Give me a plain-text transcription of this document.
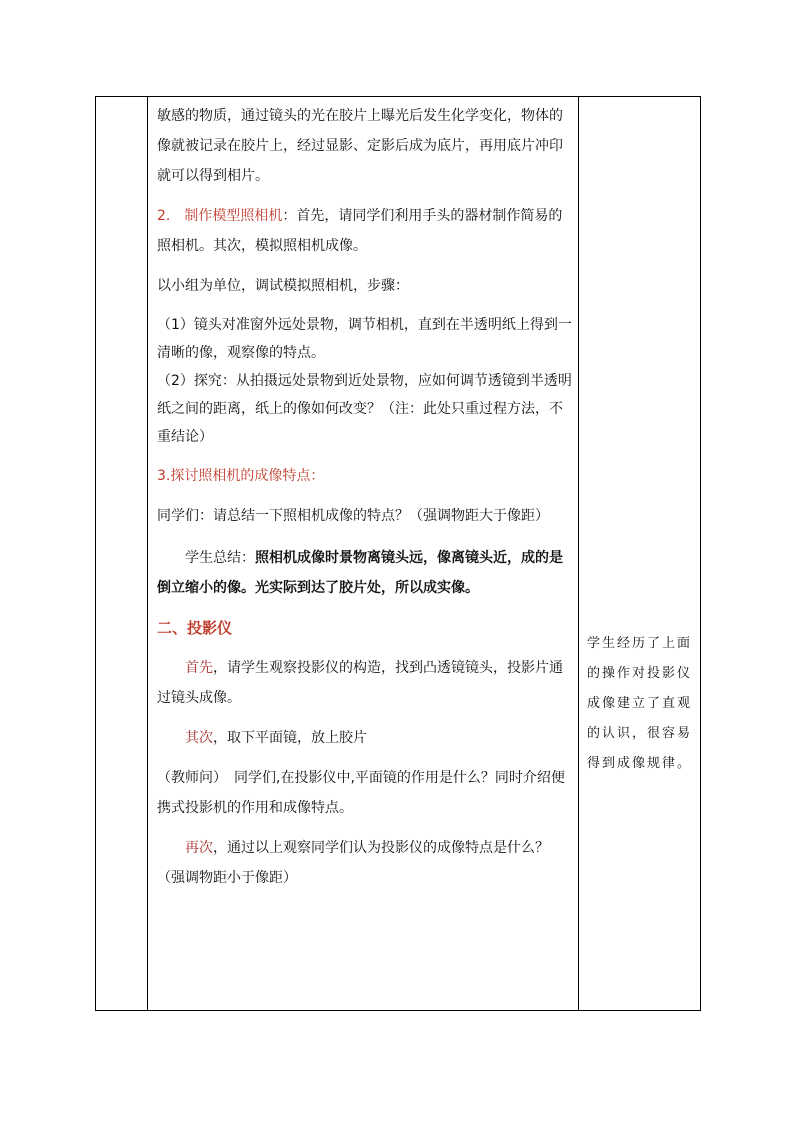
敏感的物质，通过镜头的光在胶片上曝光后发生化学变化，物体的像就被记录在胶片上，经过显影、定影后成为底片，再用底片冲印就可以得到相片。

2.　制作模型照相机：首先，请同学们利用手头的器材制作简易的 照相机。其次，模拟照相机成像。

以小组为单位，调试模拟照相机，步骤：

（1）镜头对准窗外远处景物，调节相机，直到在半透明纸上得到一清晰的像，观察像的特点。

（2）探究：从拍摄远处景物到近处景物，应如何调节透镜到半透明纸之间的距离，纸上的像如何改变？（注：此处只重过程方法，不重结论）

3.探讨照相机的成像特点：

同学们：请总结一下照相机成像的特点？（强调物距大于像距）

学生总结：照相机成像时景物离镜头远，像离镜头近，成的是倒立缩小的像。光实际到达了胶片处，所以成实像。

二、投影仪

首先，请学生观察投影仪的构造，找到凸透镜镜头，投影片通过镜头成像。

其次，取下平面镜，放上胶片

（教师问）　同学们,在投影仪中,平面镜的作用是什么？同时介绍便携式投影机的作用和成像特点。

再次，通过以上观察同学们认为投影仪的成像特点是什么？（强调物距小于像距）

学生经历了上面的操作对投影仪成像建立了直观的认识，很容易得到成像规律。
